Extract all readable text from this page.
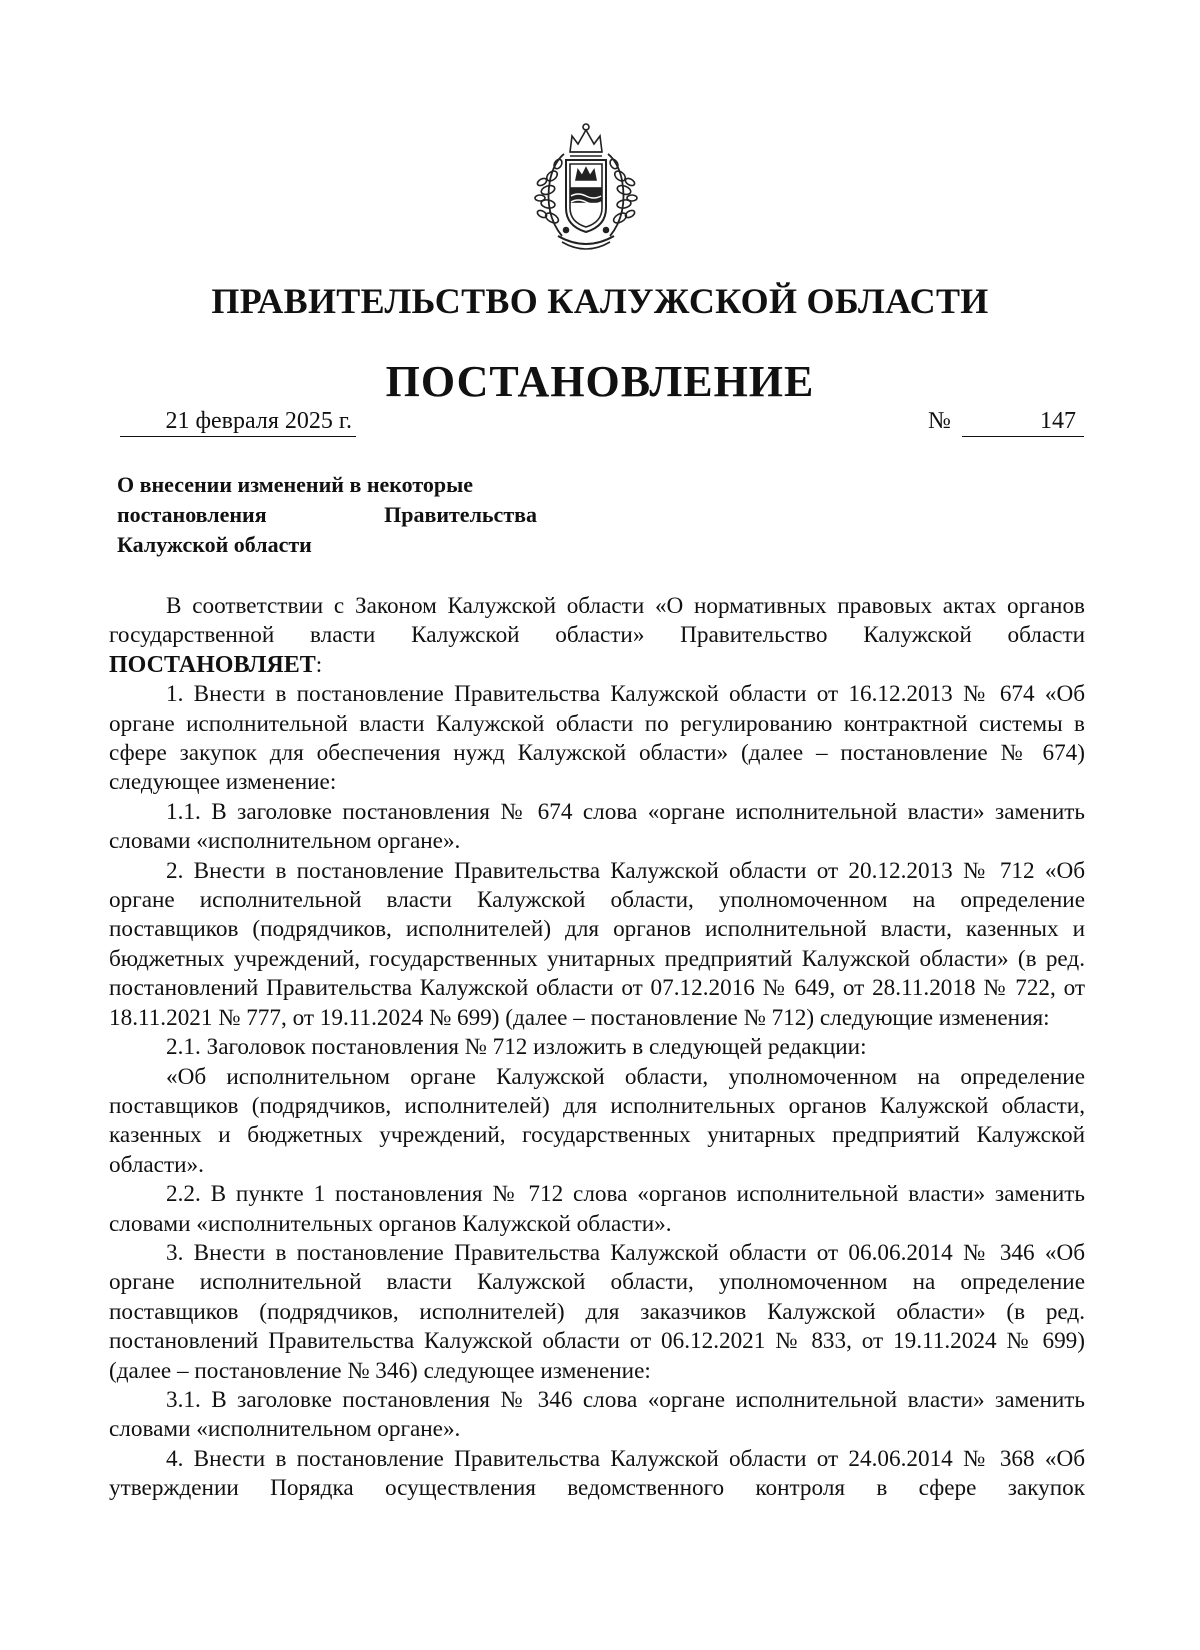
ПРАВИТЕЛЬСТВО КАЛУЖСКОЙ ОБЛАСТИ
ПОСТАНОВЛЕНИЕ
21 февраля 2025 г.	№	147
О внесении изменений в некоторые
постановления Правительства
Калужской области

В соответствии с Законом Калужской области «О нормативных правовых актах органов государственной власти Калужской области» Правительство Калужской области ПОСТАНОВЛЯЕТ:

1. Внести в постановление Правительства Калужской области от 16.12.2013 № 674 «Об органе исполнительной власти Калужской области по регулированию контрактной системы в сфере закупок для обеспечения нужд Калужской области» (далее – постановление № 674) следующее изменение:

1.1. В заголовке постановления № 674 слова «органе исполнительной власти» заменить словами «исполнительном органе».

2. Внести в постановление Правительства Калужской области от 20.12.2013 № 712 «Об органе исполнительной власти Калужской области, уполномоченном на определение поставщиков (подрядчиков, исполнителей) для органов исполнительной власти, казенных и бюджетных учреждений, государственных унитарных предприятий Калужской области» (в ред. постановлений Правительства Калужской области от 07.12.2016 № 649, от 28.11.2018 № 722, от 18.11.2021 № 777, от 19.11.2024 № 699) (далее – постановление № 712) следующие изменения:

2.1. Заголовок постановления № 712 изложить в следующей редакции:

«Об исполнительном органе Калужской области, уполномоченном на определение поставщиков (подрядчиков, исполнителей) для исполнительных органов Калужской области, казенных и бюджетных учреждений, государственных унитарных предприятий Калужской области».

2.2. В пункте 1 постановления № 712 слова «органов исполнительной власти» заменить словами «исполнительных органов Калужской области».

3. Внести в постановление Правительства Калужской области от 06.06.2014 № 346 «Об органе исполнительной власти Калужской области, уполномоченном на определение поставщиков (подрядчиков, исполнителей) для заказчиков Калужской области» (в ред. постановлений Правительства Калужской области от 06.12.2021 № 833, от 19.11.2024 № 699) (далее – постановление № 346) следующее изменение:

3.1. В заголовке постановления № 346 слова «органе исполнительной власти» заменить словами «исполнительном органе».

4. Внести в постановление Правительства Калужской области от 24.06.2014 № 368 «Об утверждении Порядка осуществления ведомственного контроля в сфере закупок
